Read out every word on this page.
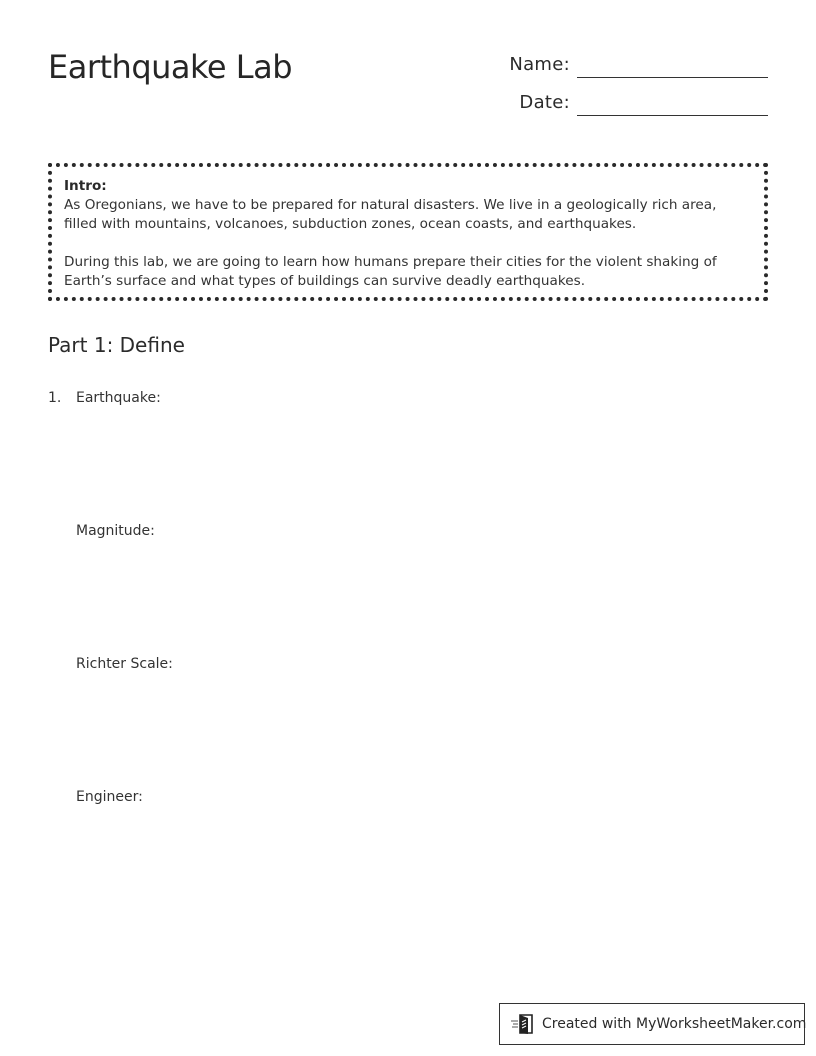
Earthquake Lab	Name:
Date:
Intro:

As Oregonians, we have to be prepared for natural disasters. We live in a geologically rich area, filled with mountains, volcanoes, subduction zones, ocean coasts, and earthquakes.

During this lab, we are going to learn how humans prepare their cities for the violent shaking of Earth’s surface and what types of buildings can survive deadly earthquakes.

Part 1: Define
1. Earthquake:
Magnitude:
Richter Scale:
Engineer:
Created with MyWorksheetMaker.com
